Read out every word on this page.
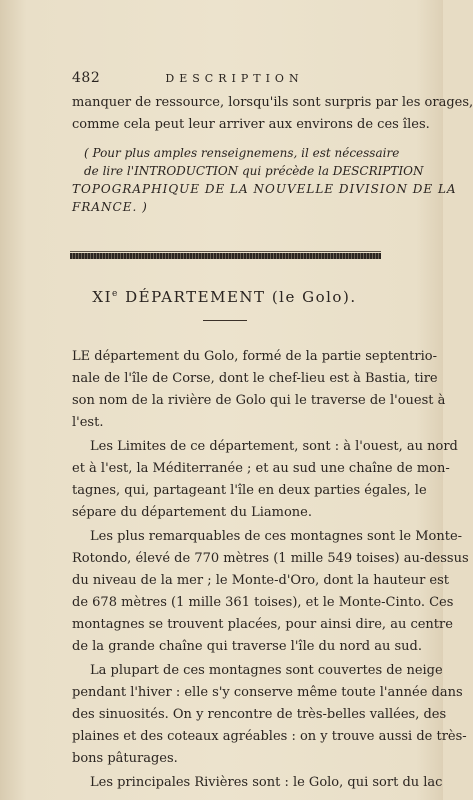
482	DESCRIPTION
manquer de ressource, lorsqu'ils sont surpris par les orages,
comme cela peut leur arriver aux environs de ces îles.
( Pour plus amples renseignemens, il est nécessaire
de lire l'INTRODUCTION qui précède la DESCRIPTION
TOPOGRAPHIQUE DE LA NOUVELLE DIVISION DE LA
FRANCE. )
XIe DÉPARTEMENT (le Golo).
LE département du Golo, formé de la partie septentrio-
nale de l'île de Corse, dont le chef-lieu est à Bastia, tire
son nom de la rivière de Golo qui le traverse de l'ouest à
l'est.
Les Limites de ce département, sont : à l'ouest, au nord
et à l'est, la Méditerranée ; et au sud une chaîne de mon-
tagnes, qui, partageant l'île en deux parties égales, le
sépare du département du Liamone.
Les plus remarquables de ces montagnes sont le Monte-
Rotondo, élevé de 770 mètres (1 mille 549 toises) au-dessus
du niveau de la mer ; le Monte-d'Oro, dont la hauteur est
de 678 mètres (1 mille 361 toises), et le Monte-Cinto. Ces
montagnes se trouvent placées, pour ainsi dire, au centre
de la grande chaîne qui traverse l'île du nord au sud.
La plupart de ces montagnes sont couvertes de neige
pendant l'hiver : elle s'y conserve même toute l'année dans
des sinuosités. On y rencontre de très-belles vallées, des
plaines et des coteaux agréables : on y trouve aussi de très-
bons pâturages.
Les principales Rivières sont : le Golo, qui sort du lac
